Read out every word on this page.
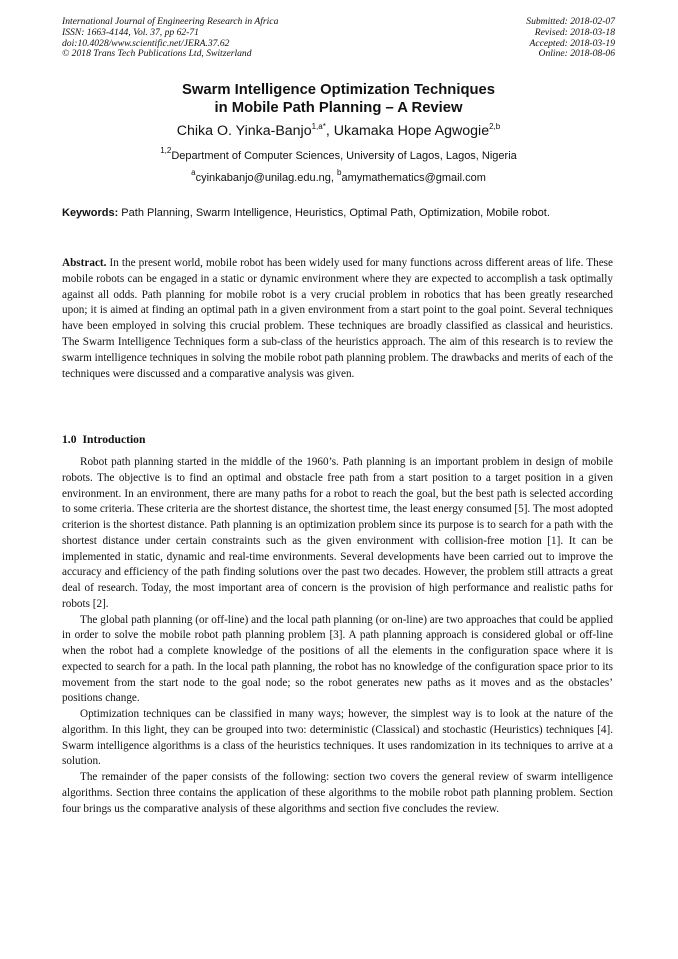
International Journal of Engineering Research in Africa
ISSN: 1663-4144, Vol. 37, pp 62-71
doi:10.4028/www.scientific.net/JERA.37.62
© 2018 Trans Tech Publications Ltd, Switzerland
Submitted: 2018-02-07
Revised: 2018-03-18
Accepted: 2018-03-19
Online: 2018-08-06
Swarm Intelligence Optimization Techniques
in Mobile Path Planning – A Review
Chika O. Yinka-Banjo$^{1,a*}$, Ukamaka Hope Agwogie$^{2,b}$
$^{1,2}$Department of Computer Sciences, University of Lagos, Lagos, Nigeria
$^a$cyinkabanjo@unilag.edu.ng, $^b$amymathematics@gmail.com
Keywords: Path Planning, Swarm Intelligence, Heuristics, Optimal Path, Optimization, Mobile robot.
Abstract. In the present world, mobile robot has been widely used for many functions across different areas of life. These mobile robots can be engaged in a static or dynamic environment where they are expected to accomplish a task optimally against all odds. Path planning for mobile robot is a very crucial problem in robotics that has been greatly researched upon; it is aimed at finding an optimal path in a given environment from a start point to the goal point. Several techniques have been employed in solving this crucial problem. These techniques are broadly classified as classical and heuristics. The Swarm Intelligence Techniques form a sub-class of the heuristics approach. The aim of this research is to review the swarm intelligence techniques in solving the mobile robot path planning problem. The drawbacks and merits of each of the techniques were discussed and a comparative analysis was given.
1.0 Introduction

Robot path planning started in the middle of the 1960’s. Path planning is an important problem in design of mobile robots. The objective is to find an optimal and obstacle free path from a start position to a target position in a given environment. In an environment, there are many paths for a robot to reach the goal, but the best path is selected according to some criteria. These criteria are the shortest distance, the shortest time, the least energy consumed [5]. The most adopted criterion is the shortest distance. Path planning is an optimization problem since its purpose is to search for a path with the shortest distance under certain constraints such as the given environment with collision-free motion [1]. It can be implemented in static, dynamic and real-time environments. Several developments have been carried out to improve the accuracy and efficiency of the path finding solutions over the past two decades. However, the problem still attracts a great deal of research. Today, the most important area of concern is the provision of high performance and realistic paths for robots [2].

The global path planning (or off-line) and the local path planning (or on-line) are two approaches that could be applied in order to solve the mobile robot path planning problem [3]. A path planning approach is considered global or off-line when the robot had a complete knowledge of the positions of all the elements in the configuration space where it is expected to search for a path. In the local path planning, the robot has no knowledge of the configuration space prior to its movement from the start node to the goal node; so the robot generates new paths as it moves and as the obstacles’ positions change.

Optimization techniques can be classified in many ways; however, the simplest way is to look at the nature of the algorithm. In this light, they can be grouped into two: deterministic (Classical) and stochastic (Heuristics) techniques [4]. Swarm intelligence algorithms is a class of the heuristics techniques. It uses randomization in its techniques to arrive at a solution.

The remainder of the paper consists of the following: section two covers the general review of swarm intelligence algorithms. Section three contains the application of these algorithms to the mobile robot path planning problem. Section four brings us the comparative analysis of these algorithms and section five concludes the review.
